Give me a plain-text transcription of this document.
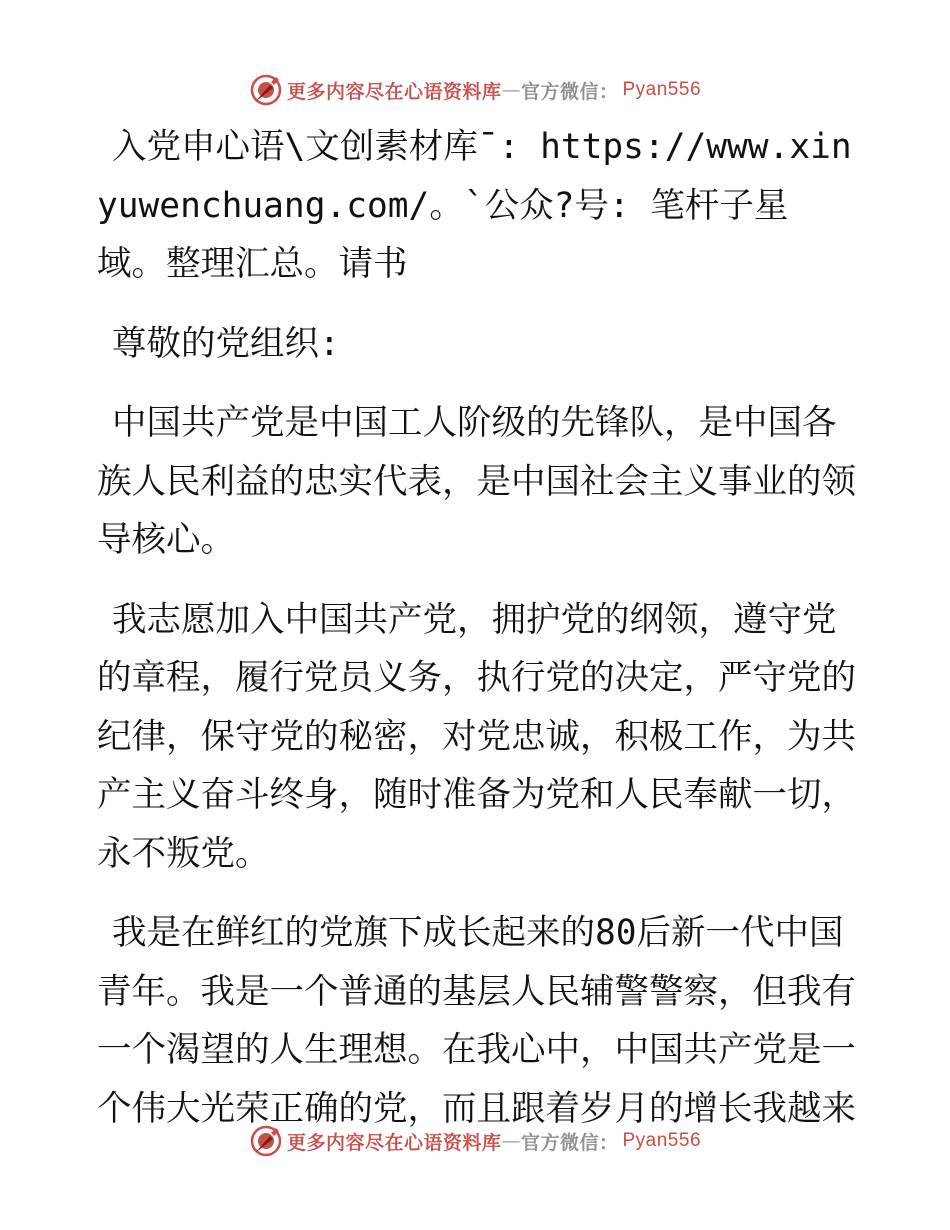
更多内容尽在心语资料库 — 官方微信： Pyan556

入党申心语\文创素材库¯: https://www.xinyuwenchuang.com/。`公众?号: 笔杆子星域。整理汇总。请书

尊敬的党组织:

中国共产党是中国工人阶级的先锋队，是中国各族人民利益的忠实代表，是中国社会主义事业的领导核心。

我志愿加入中国共产党，拥护党的纲领，遵守党的章程，履行党员义务，执行党的决定，严守党的纪律，保守党的秘密，对党忠诚，积极工作，为共产主义奋斗终身，随时准备为党和人民奉献一切，永不叛党。

我是在鲜红的党旗下成长起来的80后新一代中国青年。我是一个普通的基层人民辅警警察，但我有一个渴望的人生理想。在我心中，中国共产党是一个伟大光荣正确的党，而且跟着岁月的增长我越来

更多内容尽在心语资料库 — 官方微信： Pyan556
